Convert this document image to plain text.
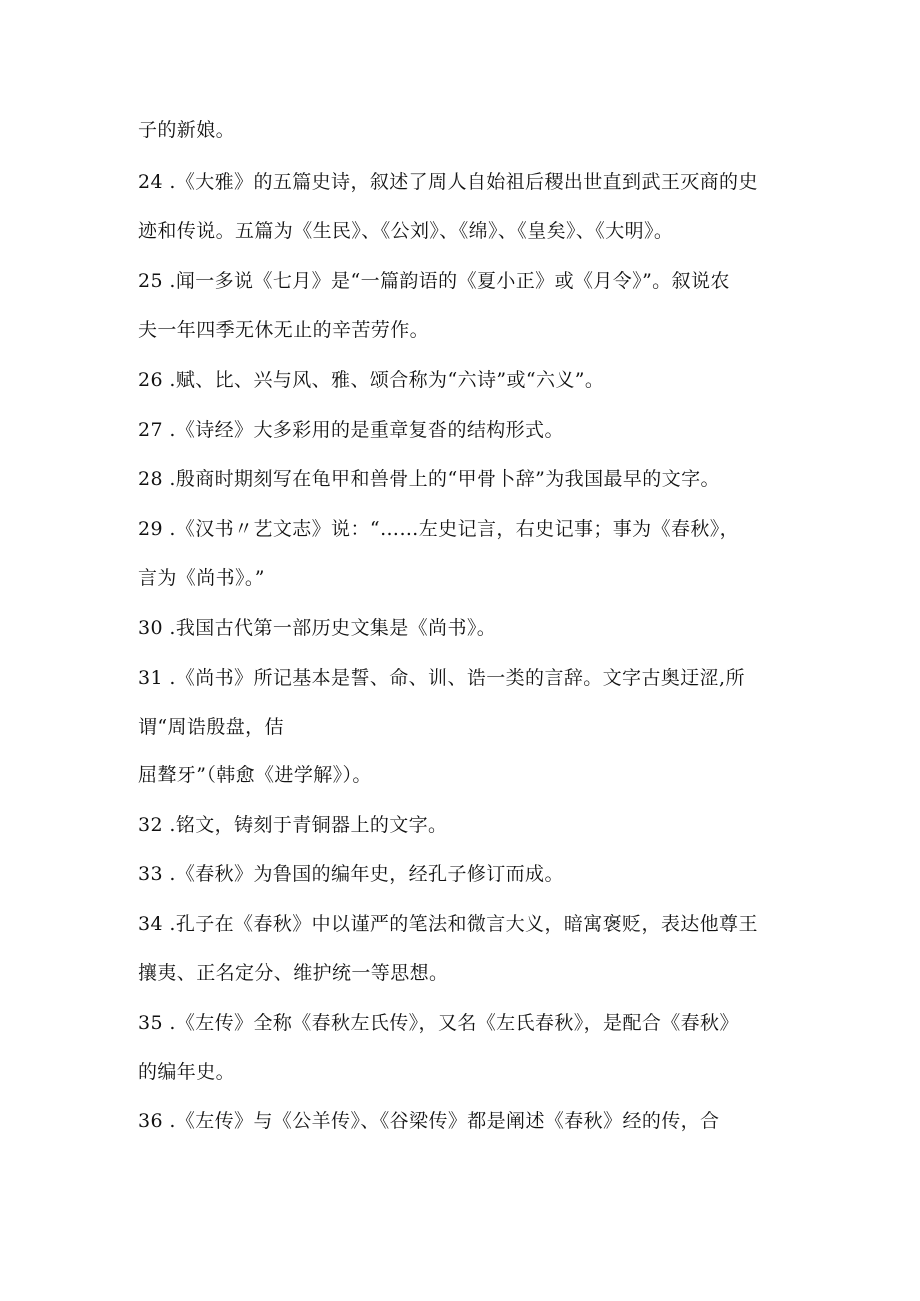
子的新娘。
24 .《大雅》的五篇史诗，叙述了周人自始祖后稷出世直到武王灭商的史
迹和传说。五篇为《生民》、《公刘》、《绵》、《皇矣》、《大明》。
25 .闻一多说《七月》是“一篇韵语的《夏小正》或《月令》”。叙说农
夫一年四季无休无止的辛苦劳作。
26 .赋、比、兴与风、雅、颂合称为“六诗”或“六义”。
27 .《诗经》大多彩用的是重章复沓的结构形式。
28 .殷商时期刻写在龟甲和兽骨上的“甲骨卜辞”为我国最早的文字。
29 .《汉书〃艺文志》说：“……左史记言，右史记事；事为《春秋》，
言为《尚书》。”
30 .我国古代第一部历史文集是《尚书》。
31 .《尚书》所记基本是誓、命、训、诰一类的言辞。文字古奥迂涩,所
谓“周诰殷盘，佶
屈聱牙”（韩愈《进学解》）。
32 .铭文，铸刻于青铜器上的文字。
33 .《春秋》为鲁国的编年史，经孔子修订而成。
34 .孔子在《春秋》中以谨严的笔法和微言大义，暗寓褒贬，表达他尊王
攘夷、正名定分、维护统一等思想。
35 .《左传》全称《春秋左氏传》，又名《左氏春秋》，是配合《春秋》
的编年史。
36 .《左传》与《公羊传》、《谷梁传》都是阐述《春秋》经的传，合
